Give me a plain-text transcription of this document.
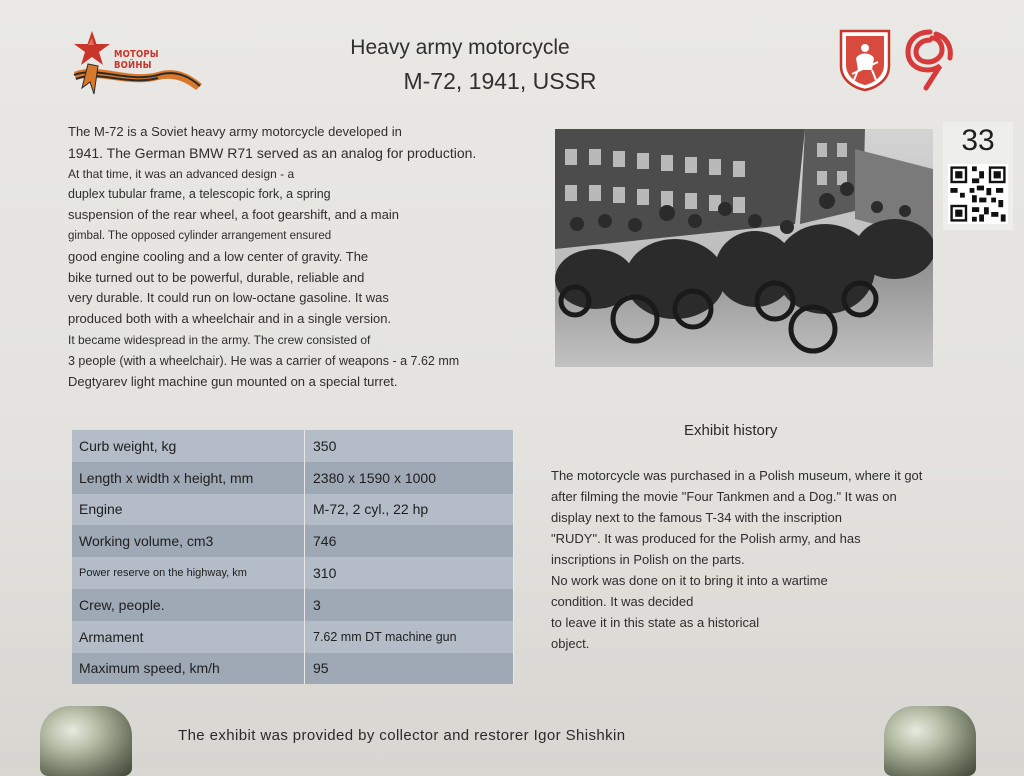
МОТОРЫ ВОЙНЫ
Heavy army motorcycle
M-72, 1941, USSR
The M-72 is a Soviet heavy army motorcycle developed in
1941. The German BMW R71 served as an analog for production.
At that time, it was an advanced design - a
duplex tubular frame, a telescopic fork, a spring
suspension of the rear wheel, a foot gearshift, and a main
gimbal. The opposed cylinder arrangement ensured
good engine cooling and a low center of gravity. The
bike turned out to be powerful, durable, reliable and
very durable. It could run on low-octane gasoline. It was
produced both with a wheelchair and in a single version.
It became widespread in the army. The crew consisted of
3 people (with a wheelchair). He was a carrier of weapons - a 7.62 mm
Degtyarev light machine gun mounted on a special turret.
33
Curb weight, kg	350
Length x width x height, mm	2380 x 1590 x 1000
Engine	M-72, 2 cyl., 22 hp
Working volume, cm3	746
Power reserve on the highway, km	310
Crew, people.	3
Armament	7.62 mm DT machine gun
Maximum speed, km/h	95
Exhibit history
The motorcycle was purchased in a Polish museum, where it got
after filming the movie "Four Tankmen and a Dog." It was on
display next to the famous T-34 with the inscription
"RUDY". It was produced for the Polish army, and has
inscriptions in Polish on the parts.
No work was done on it to bring it into a wartime
condition. It was decided
to leave it in this state as a historical
object.
The exhibit was provided by collector and restorer Igor Shishkin
